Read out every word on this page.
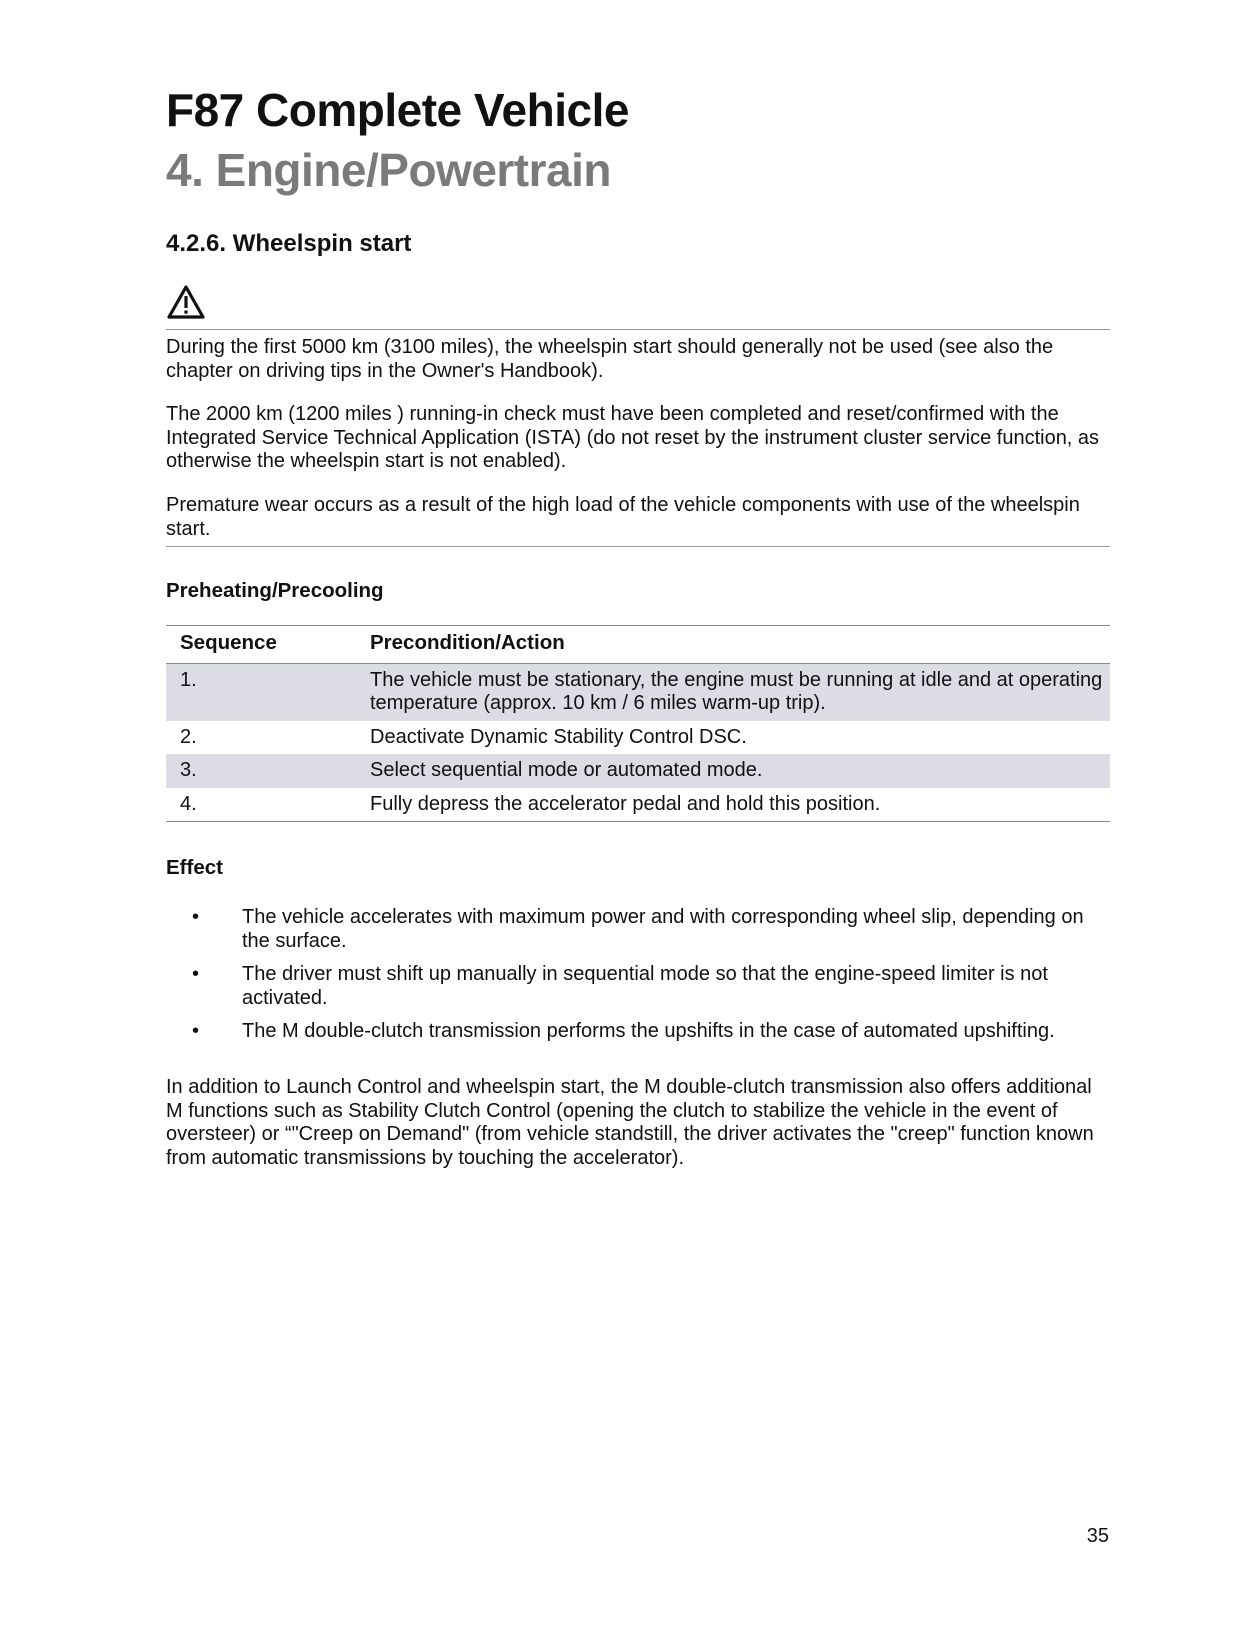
F87 Complete Vehicle
4. Engine/Powertrain
4.2.6. Wheelspin start

During the first 5000 km (3100 miles), the wheelspin start should generally not be used (see also the chapter on driving tips in the Owner's Handbook).

The 2000 km (1200 miles ) running-in check must have been completed and reset/confirmed with the Integrated Service Technical Application (ISTA) (do not reset by the instrument cluster service function, as otherwise the wheelspin start is not enabled).

Premature wear occurs as a result of the high load of the vehicle components with use of the wheelspin start.

Preheating/Precooling
Sequence	Precondition/Action
1.	The vehicle must be stationary, the engine must be running at idle and at operating temperature (approx. 10 km / 6 miles warm-up trip).
2.	Deactivate Dynamic Stability Control DSC.
3.	Select sequential mode or automated mode.
4.	Fully depress the accelerator pedal and hold this position.
Effect
• The vehicle accelerates with maximum power and with corresponding wheel slip, depending on the surface.
• The driver must shift up manually in sequential mode so that the engine-speed limiter is not activated.
• The M double-clutch transmission performs the upshifts in the case of automated upshifting.

In addition to Launch Control and wheelspin start, the M double-clutch transmission also offers additional M functions such as Stability Clutch Control (opening the clutch to stabilize the vehicle in the event of oversteer) or “"Creep on Demand" (from vehicle standstill, the driver activates the "creep" function known from automatic transmissions by touching the accelerator).

35
